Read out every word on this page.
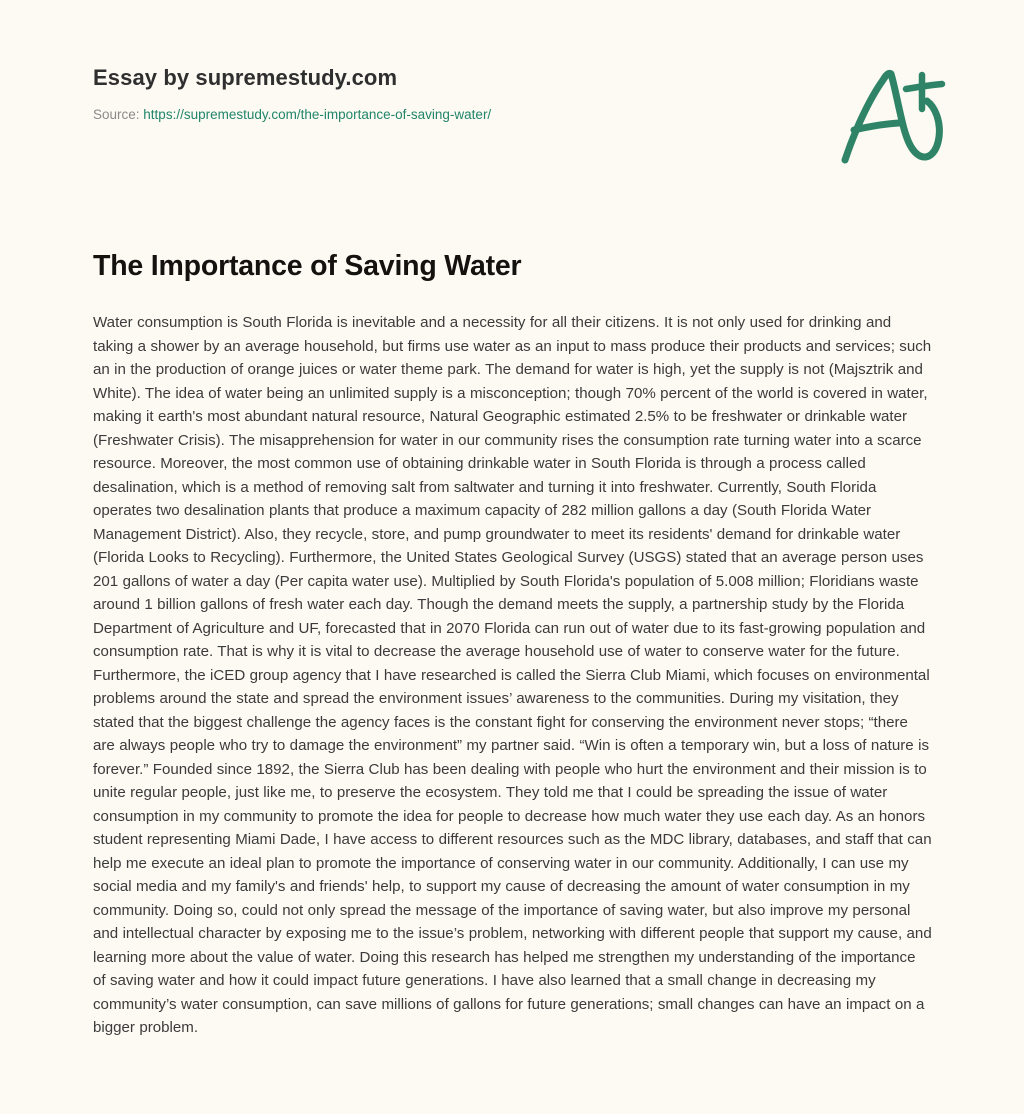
Essay by supremestudy.com
Source: https://supremestudy.com/the-importance-of-saving-water/
The Importance of Saving Water

Water consumption is South Florida is inevitable and a necessity for all their citizens. It is not only used for drinking and taking a shower by an average household, but firms use water as an input to mass produce their products and services; such an in the production of orange juices or water theme park. The demand for water is high, yet the supply is not (Majsztrik and White). The idea of water being an unlimited supply is a misconception; though 70% percent of the world is covered in water, making it earth's most abundant natural resource, Natural Geographic estimated 2.5% to be freshwater or drinkable water (Freshwater Crisis). The misapprehension for water in our community rises the consumption rate turning water into a scarce resource. Moreover, the most common use of obtaining drinkable water in South Florida is through a process called desalination, which is a method of removing salt from saltwater and turning it into freshwater. Currently, South Florida operates two desalination plants that produce a maximum capacity of 282 million gallons a day (South Florida Water Management District). Also, they recycle, store, and pump groundwater to meet its residents' demand for drinkable water (Florida Looks to Recycling). Furthermore, the United States Geological Survey (USGS) stated that an average person uses 201 gallons of water a day (Per capita water use). Multiplied by South Florida's population of 5.008 million; Floridians waste around 1 billion gallons of fresh water each day. Though the demand meets the supply, a partnership study by the Florida Department of Agriculture and UF, forecasted that in 2070 Florida can run out of water due to its fast-growing population and consumption rate. That is why it is vital to decrease the average household use of water to conserve water for the future. Furthermore, the iCED group agency that I have researched is called the Sierra Club Miami, which focuses on environmental problems around the state and spread the environment issues’ awareness to the communities. During my visitation, they stated that the biggest challenge the agency faces is the constant fight for conserving the environment never stops; “there are always people who try to damage the environment” my partner said. “Win is often a temporary win, but a loss of nature is forever.” Founded since 1892, the Sierra Club has been dealing with people who hurt the environment and their mission is to unite regular people, just like me, to preserve the ecosystem. They told me that I could be spreading the issue of water consumption in my community to promote the idea for people to decrease how much water they use each day. As an honors student representing Miami Dade, I have access to different resources such as the MDC library, databases, and staff that can help me execute an ideal plan to promote the importance of conserving water in our community. Additionally, I can use my social media and my family's and friends' help, to support my cause of decreasing the amount of water consumption in my community. Doing so, could not only spread the message of the importance of saving water, but also improve my personal and intellectual character by exposing me to the issue’s problem, networking with different people that support my cause, and learning more about the value of water. Doing this research has helped me strengthen my understanding of the importance of saving water and how it could impact future generations. I have also learned that a small change in decreasing my community’s water consumption, can save millions of gallons for future generations; small changes can have an impact on a bigger problem.
